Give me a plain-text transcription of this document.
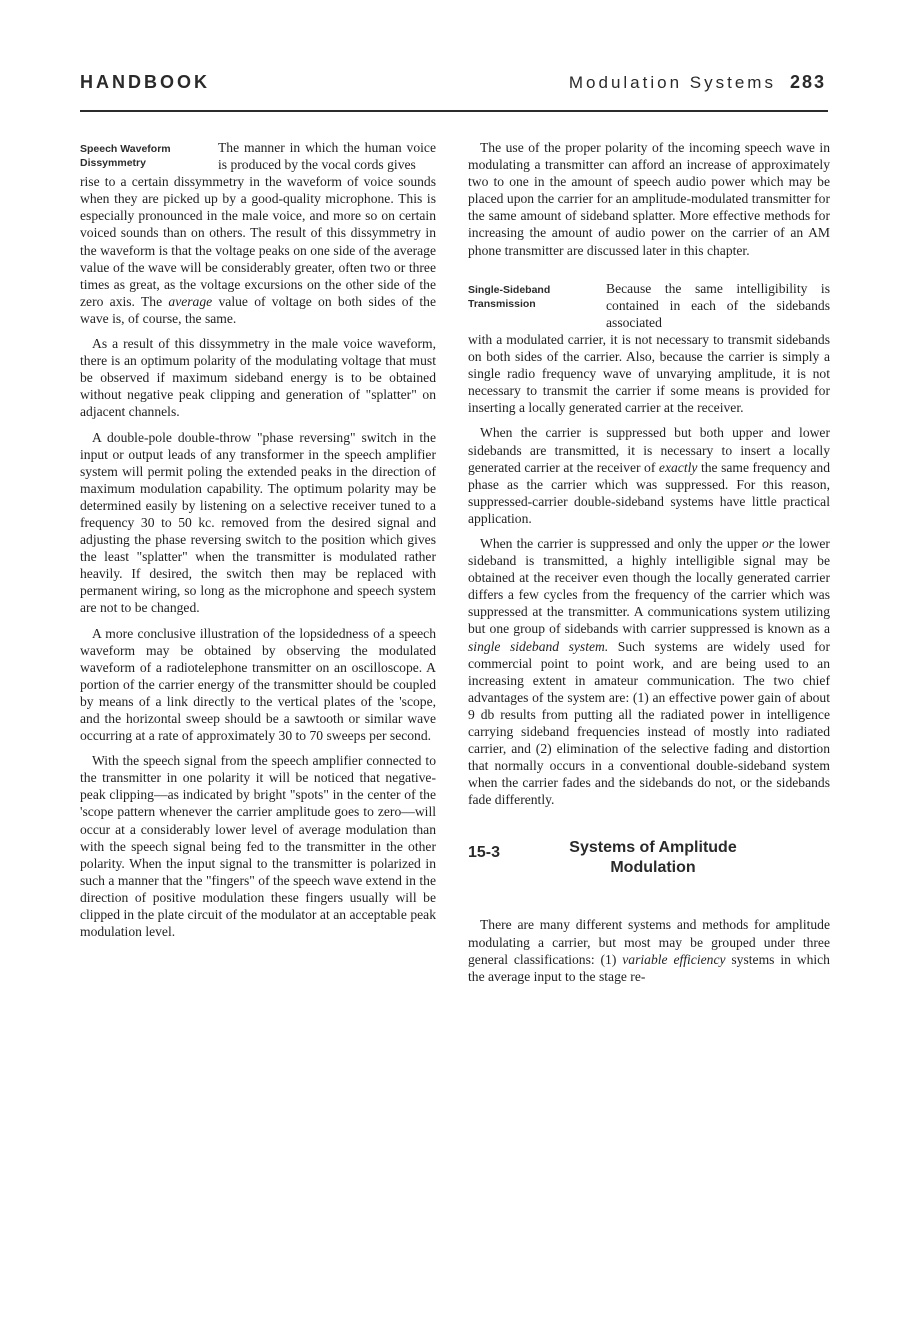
HANDBOOK	Modulation Systems 283
Speech Waveform
Dissymmetry
The manner in which the human voice is produced by the vocal cords gives

rise to a certain dissymmetry in the waveform of voice sounds when they are picked up by a good-quality microphone. This is especially pronounced in the male voice, and more so on certain voiced sounds than on others. The result of this dissymmetry in the waveform is that the voltage peaks on one side of the average value of the wave will be considerably greater, often two or three times as great, as the voltage excursions on the other side of the zero axis. The average value of voltage on both sides of the wave is, of course, the same.

As a result of this dissymmetry in the male voice waveform, there is an optimum polarity of the modulating voltage that must be observed if maximum sideband energy is to be obtained without negative peak clipping and generation of "splatter" on adjacent channels.

A double-pole double-throw "phase reversing" switch in the input or output leads of any transformer in the speech amplifier system will permit poling the extended peaks in the direction of maximum modulation capability. The optimum polarity may be determined easily by listening on a selective receiver tuned to a frequency 30 to 50 kc. removed from the desired signal and adjusting the phase reversing switch to the position which gives the least "splatter" when the transmitter is modulated rather heavily. If desired, the switch then may be replaced with permanent wiring, so long as the microphone and speech system are not to be changed.

A more conclusive illustration of the lopsidedness of a speech waveform may be obtained by observing the modulated waveform of a radiotelephone transmitter on an oscilloscope. A portion of the carrier energy of the transmitter should be coupled by means of a link directly to the vertical plates of the 'scope, and the horizontal sweep should be a sawtooth or similar wave occurring at a rate of approximately 30 to 70 sweeps per second.

With the speech signal from the speech amplifier connected to the transmitter in one polarity it will be noticed that negative-peak clipping—as indicated by bright "spots" in the center of the 'scope pattern whenever the carrier amplitude goes to zero—will occur at a considerably lower level of average modulation than with the speech signal being fed to the transmitter in the other polarity. When the input signal to the transmitter is polarized in such a manner that the "fingers" of the speech wave extend in the direction of positive modulation these fingers usually will be clipped in the plate circuit of the modulator at an acceptable peak modulation level.

The use of the proper polarity of the incoming speech wave in modulating a transmitter can afford an increase of approximately two to one in the amount of speech audio power which may be placed upon the carrier for an amplitude-modulated transmitter for the same amount of sideband splatter. More effective methods for increasing the amount of audio power on the carrier of an AM phone transmitter are discussed later in this chapter.

Single-Sideband
Transmission
Because the same intelligibility is contained in each of the sidebands associated

with a modulated carrier, it is not necessary to transmit sidebands on both sides of the carrier. Also, because the carrier is simply a single radio frequency wave of unvarying amplitude, it is not necessary to transmit the carrier if some means is provided for inserting a locally generated carrier at the receiver.

When the carrier is suppressed but both upper and lower sidebands are transmitted, it is necessary to insert a locally generated carrier at the receiver of exactly the same frequency and phase as the carrier which was suppressed. For this reason, suppressed-carrier double-sideband systems have little practical application.

When the carrier is suppressed and only the upper or the lower sideband is transmitted, a highly intelligible signal may be obtained at the receiver even though the locally generated carrier differs a few cycles from the frequency of the carrier which was suppressed at the transmitter. A communications system utilizing but one group of sidebands with carrier suppressed is known as a single sideband system. Such systems are widely used for commercial point to point work, and are being used to an increasing extent in amateur communication. The two chief advantages of the system are: (1) an effective power gain of about 9 db results from putting all the radiated power in intelligence carrying sideband frequencies instead of mostly into radiated carrier, and (2) elimination of the selective fading and distortion that normally occurs in a conventional double-sideband system when the carrier fades and the sidebands do not, or the sidebands fade differently.

15-3	Systems of Amplitude
Modulation

There are many different systems and methods for amplitude modulating a carrier, but most may be grouped under three general classifications: (1) variable efficiency systems in which the average input to the stage re-
